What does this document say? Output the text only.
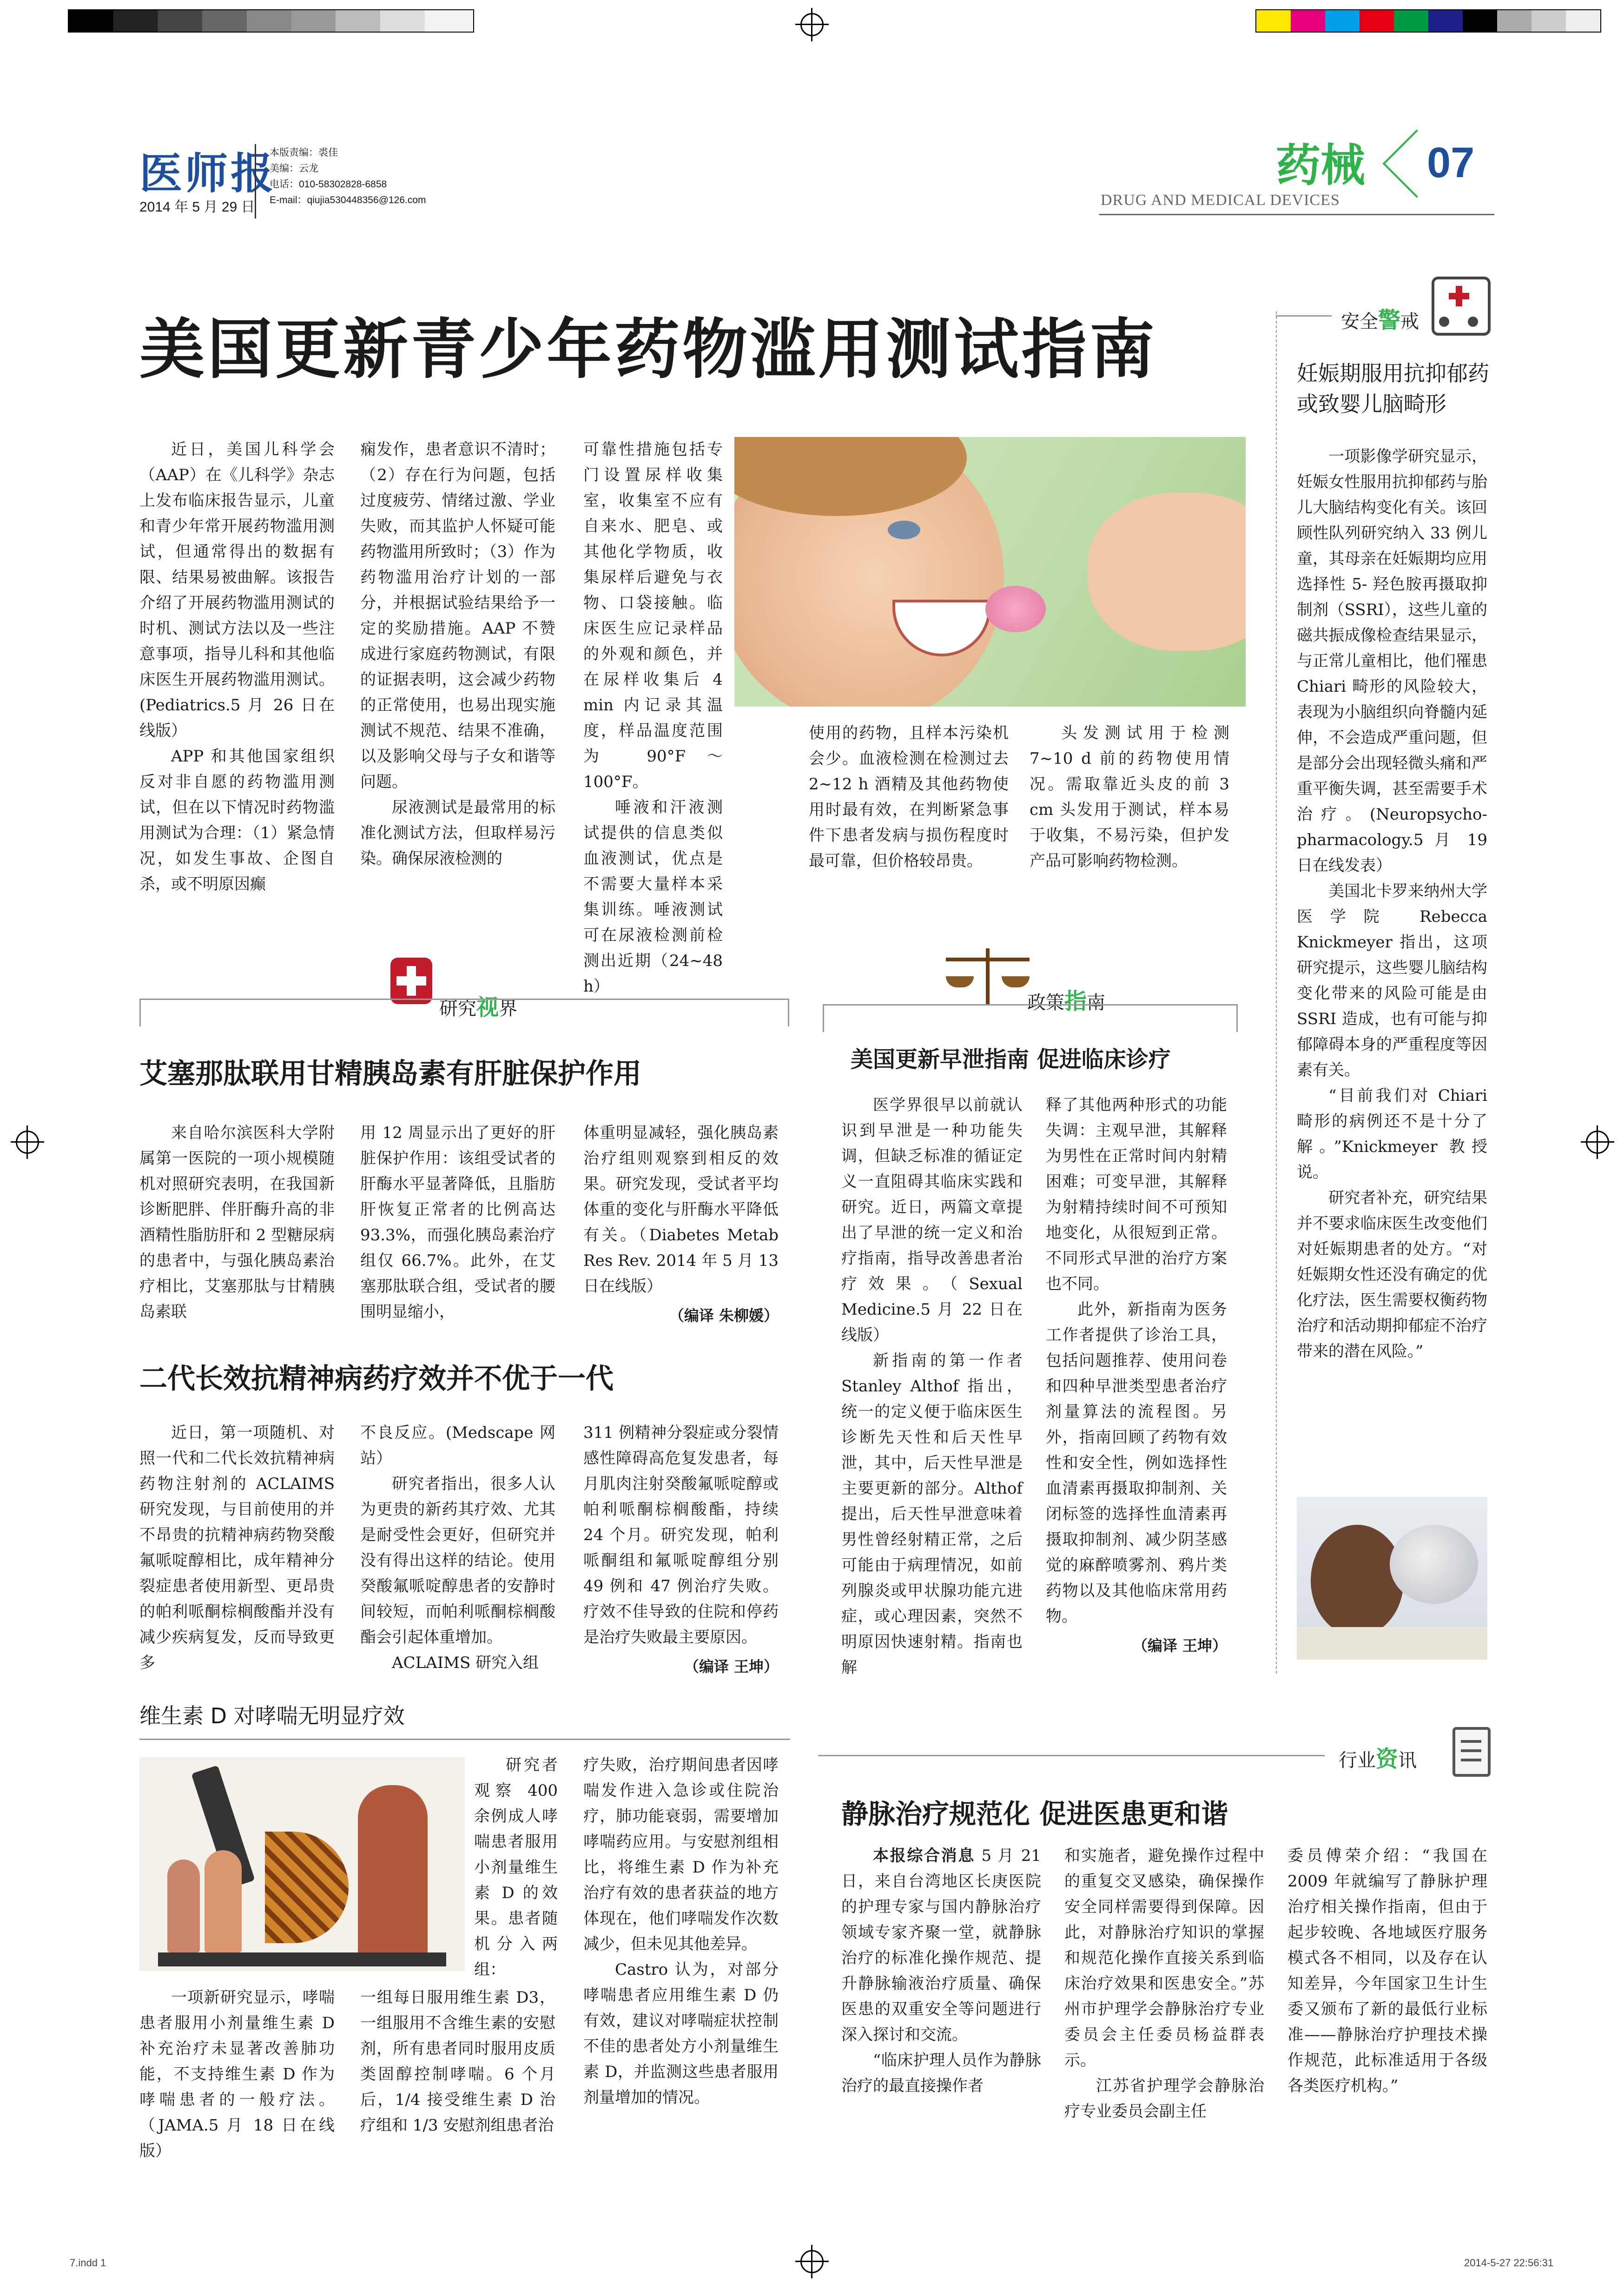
医师报
2014 年 5 月 29 日
本版责编：裘佳
美编：云龙
电话：010-58302828-6858
E-mail：qiujia530448356@126.com
药械 07
DRUG AND MEDICAL DEVICES
美国更新青少年药物滥用测试指南

近日，美国儿科学会（AAP）在《儿科学》杂志上发布临床报告显示，儿童和青少年常开展药物滥用测试，但通常得出的数据有限、结果易被曲解。该报告介绍了开展药物滥用测试的时机、测试方法以及一些注意事项，指导儿科和其他临床医生开展药物滥用测试。(Pediatrics.5 月 26 日在线版）

APP 和其他国家组织反对非自愿的药物滥用测试，但在以下情况时药物滥用测试为合理：（1）紧急情况，如发生事故、企图自杀，或不明原因癫

痫发作，患者意识不清时；（2）存在行为问题，包括过度疲劳、情绪过激、学业失败，而其监护人怀疑可能药物滥用所致时；（3）作为药物滥用治疗计划的一部分，并根据试验结果给予一定的奖励措施。AAP 不赞成进行家庭药物测试，有限的证据表明，这会减少药物的正常使用，也易出现实施测试不规范、结果不准确，以及影响父母与子女和谐等问题。

尿液测试是最常用的标准化测试方法，但取样易污染。确保尿液检测的

可靠性措施包括专门设置尿样收集室，收集室不应有自来水、肥皂、或其他化学物质，收集尿样后避免与衣物、口袋接触。临床医生应记录样品的外观和颜色，并在尿样收集后 4 min 内记录其温度，样品温度范围为 90°F～100°F。

唾液和汗液测试提供的信息类似血液测试，优点是不需要大量样本采集训练。唾液测试可在尿液检测前检测出近期（24~48 h）

使用的药物，且样本污染机会少。血液检测在检测过去 2~12 h 酒精及其他药物使用时最有效，在判断紧急事件下患者发病与损伤程度时最可靠，但价格较昂贵。

头发测试用于检测 7~10 d 前的药物使用情况。需取靠近头皮的前 3 cm 头发用于测试，样本易于收集，不易污染，但护发产品可影响药物检测。

研究视界
艾塞那肽联用甘精胰岛素有肝脏保护作用

来自哈尔滨医科大学附属第一医院的一项小规模随机对照研究表明，在我国新诊断肥胖、伴肝酶升高的非酒精性脂肪肝和 2 型糖尿病的患者中，与强化胰岛素治疗相比，艾塞那肽与甘精胰岛素联

用 12 周显示出了更好的肝脏保护作用：该组受试者的肝酶水平显著降低，且脂肪肝恢复正常者的比例高达 93.3%，而强化胰岛素治疗组仅 66.7%。此外，在艾塞那肽联合组，受试者的腰围明显缩小，

体重明显减轻，强化胰岛素治疗组则观察到相反的效果。研究发现，受试者平均体重的变化与肝酶水平降低有关。（Diabetes Metab Res Rev. 2014 年 5 月 13 日在线版）

（编译 朱柳媛）
二代长效抗精神病药疗效并不优于一代

近日，第一项随机、对照一代和二代长效抗精神病药物注射剂的 ACLAIMS 研究发现，与目前使用的并不昂贵的抗精神病药物癸酸氟哌啶醇相比，成年精神分裂症患者使用新型、更昂贵的帕利哌酮棕榈酸酯并没有减少疾病复发，反而导致更多

不良反应。(Medscape 网站）

研究者指出，很多人认为更贵的新药其疗效、尤其是耐受性会更好，但研究并没有得出这样的结论。使用癸酸氟哌啶醇患者的安静时间较短，而帕利哌酮棕榈酸酯会引起体重增加。

ACLAIMS 研究入组

311 例精神分裂症或分裂情感性障碍高危复发患者，每月肌肉注射癸酸氟哌啶醇或帕利哌酮棕榈酸酯，持续 24 个月。研究发现，帕利哌酮组和氟哌啶醇组分别 49 例和 47 例治疗失败。疗效不佳导致的住院和停药是治疗失败最主要原因。

（编译 王坤）
维生素 D 对哮喘无明显疗效

研究者观察 400 余例成人哮喘患者服用小剂量维生素 D 的效果。患者随机分入两组：

一项新研究显示，哮喘患者服用小剂量维生素 D 补充治疗未显著改善肺功能，不支持维生素 D 作为哮喘患者的一般疗法。（JAMA.5 月 18 日在线版）

一组每日服用维生素 D3，一组服用不含维生素的安慰剂，所有患者同时服用皮质类固醇控制哮喘。6 个月后，1/4 接受维生素 D 治疗组和 1/3 安慰剂组患者治

疗失败，治疗期间患者因哮喘发作进入急诊或住院治疗，肺功能衰弱，需要增加哮喘药应用。与安慰剂组相比，将维生素 D 作为补充治疗有效的患者获益的地方体现在，他们哮喘发作次数减少，但未见其他差异。

Castro 认为，对部分哮喘患者应用维生素 D 仍有效，建议对哮喘症状控制不佳的患者处方小剂量维生素 D，并监测这些患者服用剂量增加的情况。

政策指南
美国更新早泄指南 促进临床诊疗

医学界很早以前就认识到早泄是一种功能失调，但缺乏标准的循证定义一直阻碍其临床实践和研究。近日，两篇文章提出了早泄的统一定义和治疗指南，指导改善患者治疗效果。（Sexual Medicine.5 月 22 日在线版）

新指南的第一作者 Stanley Althof 指出，统一的定义便于临床医生诊断先天性和后天性早泄，其中，后天性早泄是主要更新的部分。Althof 提出，后天性早泄意味着男性曾经射精正常，之后可能由于病理情况，如前列腺炎或甲状腺功能亢进症，或心理因素，突然不明原因快速射精。指南也解

释了其他两种形式的功能失调：主观早泄，其解释为男性在正常时间内射精困难；可变早泄，其解释为射精持续时间不可预知地变化，从很短到正常。不同形式早泄的治疗方案也不同。

此外，新指南为医务工作者提供了诊治工具，包括问题推荐、使用问卷和四种早泄类型患者治疗剂量算法的流程图。另外，指南回顾了药物有效性和安全性，例如选择性血清素再摄取抑制剂、关闭标签的选择性血清素再摄取抑制剂、减少阴茎感觉的麻醉喷雾剂、鸦片类药物以及其他临床常用药物。

（编译 王坤）
行业资讯
静脉治疗规范化 促进医患更和谐

本报综合消息 5 月 21 日，来自台湾地区长庚医院的护理专家与国内静脉治疗领域专家齐聚一堂，就静脉治疗的标准化操作规范、提升静脉输液治疗质量、确保医患的双重安全等问题进行深入探讨和交流。

“临床护理人员作为静脉治疗的最直接操作者

和实施者，避免操作过程中的重复交叉感染，确保操作安全同样需要得到保障。因此，对静脉治疗知识的掌握和规范化操作直接关系到临床治疗效果和医患安全。”苏州市护理学会静脉治疗专业委员会主任委员杨益群表示。

江苏省护理学会静脉治疗专业委员会副主任

委员傅荣介绍：“我国在 2009 年就编写了静脉护理治疗相关操作指南，但由于起步较晚、各地域医疗服务模式各不相同，以及存在认知差异，今年国家卫生计生委又颁布了新的最低行业标准——静脉治疗护理技术操作规范，此标准适用于各级各类医疗机构。”

安全警戒
妊娠期服用抗抑郁药或致婴儿脑畸形

一项影像学研究显示，妊娠女性服用抗抑郁药与胎儿大脑结构变化有关。该回顾性队列研究纳入 33 例儿童，其母亲在妊娠期均应用选择性 5- 羟色胺再摄取抑制剂（SSRI），这些儿童的磁共振成像检查结果显示，与正常儿童相比，他们罹患 Chiari 畸形的风险较大，表现为小脑组织向脊髓内延伸，不会造成严重问题，但是部分会出现轻微头痛和严重平衡失调，甚至需要手术治疗。(Neuropsycho-pharmacology.5 月 19 日在线发表）

美国北卡罗来纳州大学医学院 Rebecca Knickmeyer 指出，这项研究提示，这些婴儿脑结构变化带来的风险可能是由 SSRI 造成，也有可能与抑郁障碍本身的严重程度等因素有关。

“目前我们对 Chiari 畸形的病例还不是十分了解。”Knickmeyer 教授说。

研究者补充，研究结果并不要求临床医生改变他们对妊娠期患者的处方。“对妊娠期女性还没有确定的优化疗法，医生需要权衡药物治疗和活动期抑郁症不治疗带来的潜在风险。”

7.indd 1	2014-5-27 22:56:31
